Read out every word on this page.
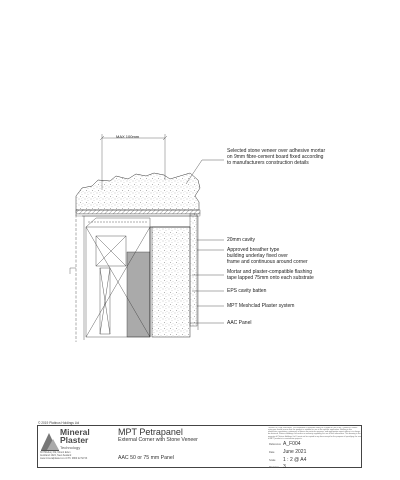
MAX 100mm
Selected stone veneer over adhesive mortar
on 9mm fibre-cement board fixed according
to manufacturers construction details
20mm cavity
Approved breather type
building underlay fixed over
frame and continuous around corner
Mortar and plaster-compatible flashing
tape lapped 75mm onto each substrate
EPS cavity batten
MPT Meshclad Plaster system
AAC Panel
© 2019 Platinus Holdings Ltd
Mineral
Plaster
Technology
30 Hillsbury Rd, Mount Eden
Auckland 1024, New Zealand
www.mineralplaster.co.nz Ph: 0800 22 52 53
MPT Petrapanel
External Corner with Stone Veneer
AAC 50 or 75 mm Panel
TERMS OF USE Disclaimer: The information is intended solely as a guide for use of MPT products. Before using you should ensure that the product is suitable for use in the specific application. Nothing in this information constitutes a statement of fitness for particular purpose, and appropriate expert advice is to always be obtained. Platinus Holdings Ltd makes no warranty regarding the use of this information. This drawing is the property of Platinus Holdings Ltd. It must not be copied in any form except for the purpose of specifying the use of MPT products in construction projects.
Reference A_F004
Date June 2021
Scale 1 : 2 @ A4
Revision 3
